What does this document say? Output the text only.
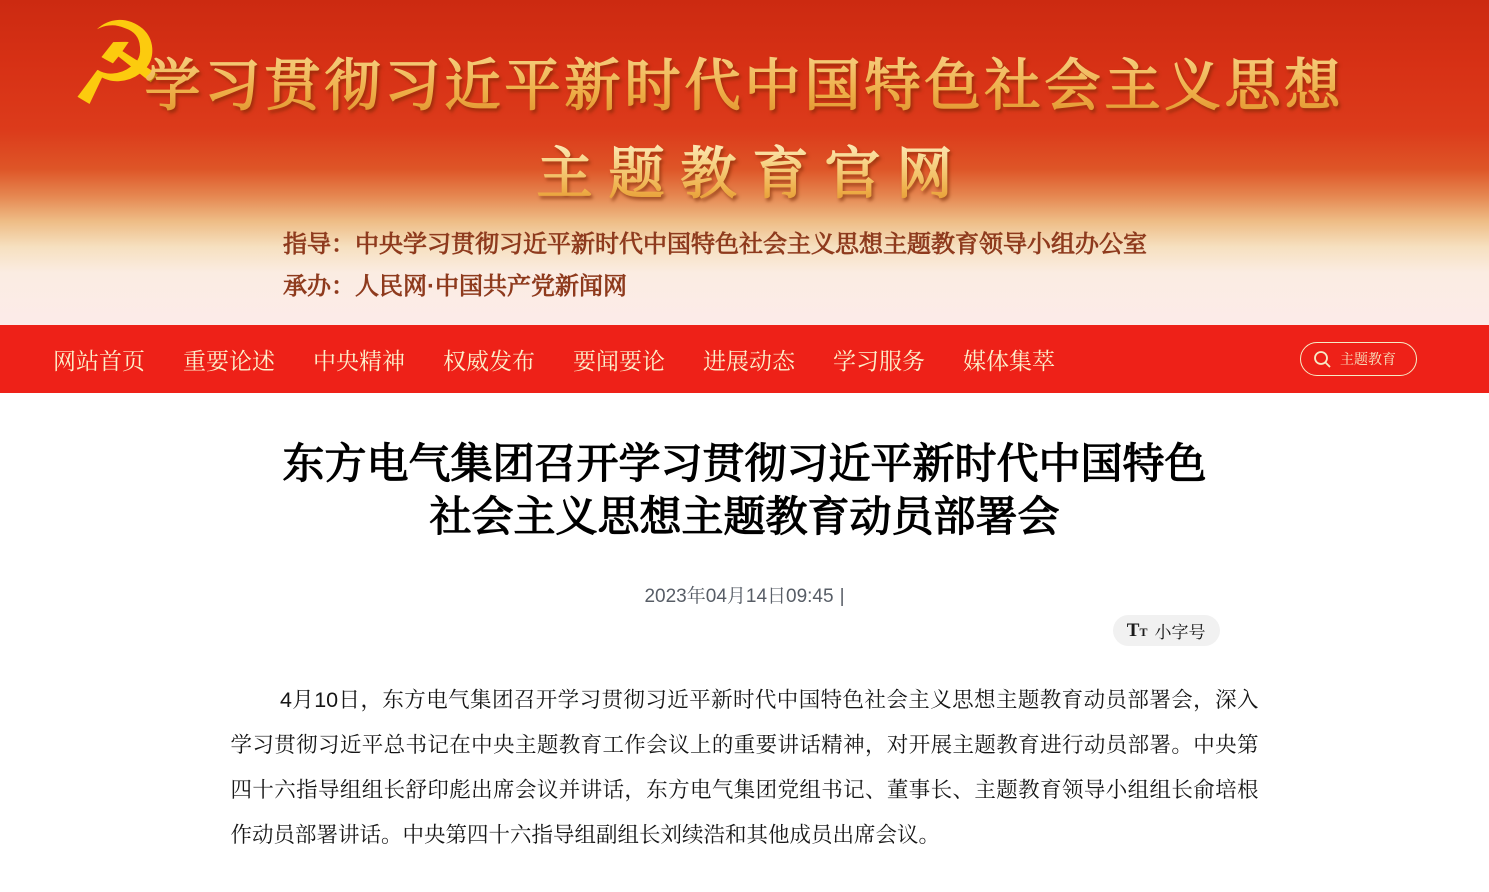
学习贯彻习近平新时代中国特色社会主义思想
主题教育官网
指导：中央学习贯彻习近平新时代中国特色社会主义思想主题教育领导小组办公室
承办：人民网·中国共产党新闻网
网站首页 重要论述 中央精神 权威发布 要闻要论 进展动态 学习服务 媒体集萃	主题教育
东方电气集团召开学习贯彻习近平新时代中国特色
社会主义思想主题教育动员部署会
2023年04月14日09:45 |
TT 小字号

4月10日，东方电气集团召开学习贯彻习近平新时代中国特色社会主义思想主题教育动员部署会，深入学习贯彻习近平总书记在中央主题教育工作会议上的重要讲话精神，对开展主题教育进行动员部署。中央第四十六指导组组长舒印彪出席会议并讲话，东方电气集团党组书记、董事长、主题教育领导小组组长俞培根作动员部署讲话。中央第四十六指导组副组长刘续浩和其他成员出席会议。
